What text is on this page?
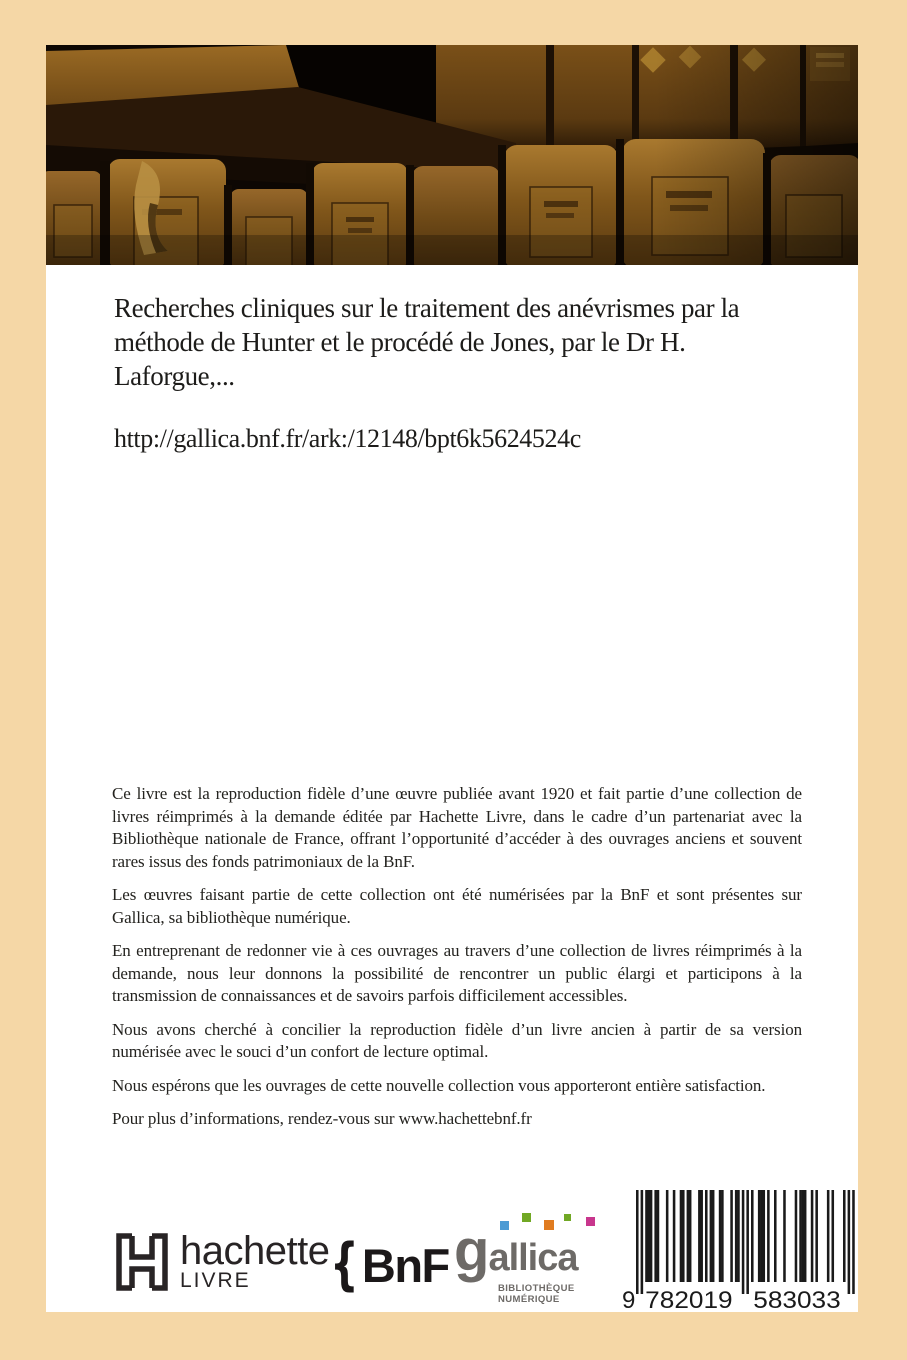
Recherches cliniques sur le traitement des anévrismes par la méthode de Hunter et le procédé de Jones, par le Dr H. Laforgue,...
http://gallica.bnf.fr/ark:/12148/bpt6k5624524c

Ce livre est la reproduction fidèle d’une œuvre publiée avant 1920 et fait partie d’une collection de livres réimprimés à la demande éditée par Hachette Livre, dans le cadre d’un partenariat avec la Bibliothèque nationale de France, offrant l’opportunité d’accéder à des ouvrages anciens et souvent rares issus des fonds patrimoniaux de la BnF.

Les œuvres faisant partie de cette collection ont été numérisées par la BnF et sont présentes sur Gallica, sa bibliothèque numérique.

En entreprenant de redonner vie à ces ouvrages au travers d’une collection de livres réimprimés à la demande, nous leur donnons la possibilité de rencontrer un public élargi et participons à la transmission de connaissances et de savoirs parfois difficilement accessibles.

Nous avons cherché à concilier la reproduction fidèle d’un livre ancien à partir de sa version numérisée avec le souci d’un confort de lecture optimal.

Nous espérons que les ouvrages de cette nouvelle collection vous apporteront entière satisfaction.

Pour plus d’informations, rendez-vous sur www.hachettebnf.fr

hachette
LIVRE	{ BnF gallica
BIBLIOTHÈQUE
NUMÉRIQUE	9 782019 583033
